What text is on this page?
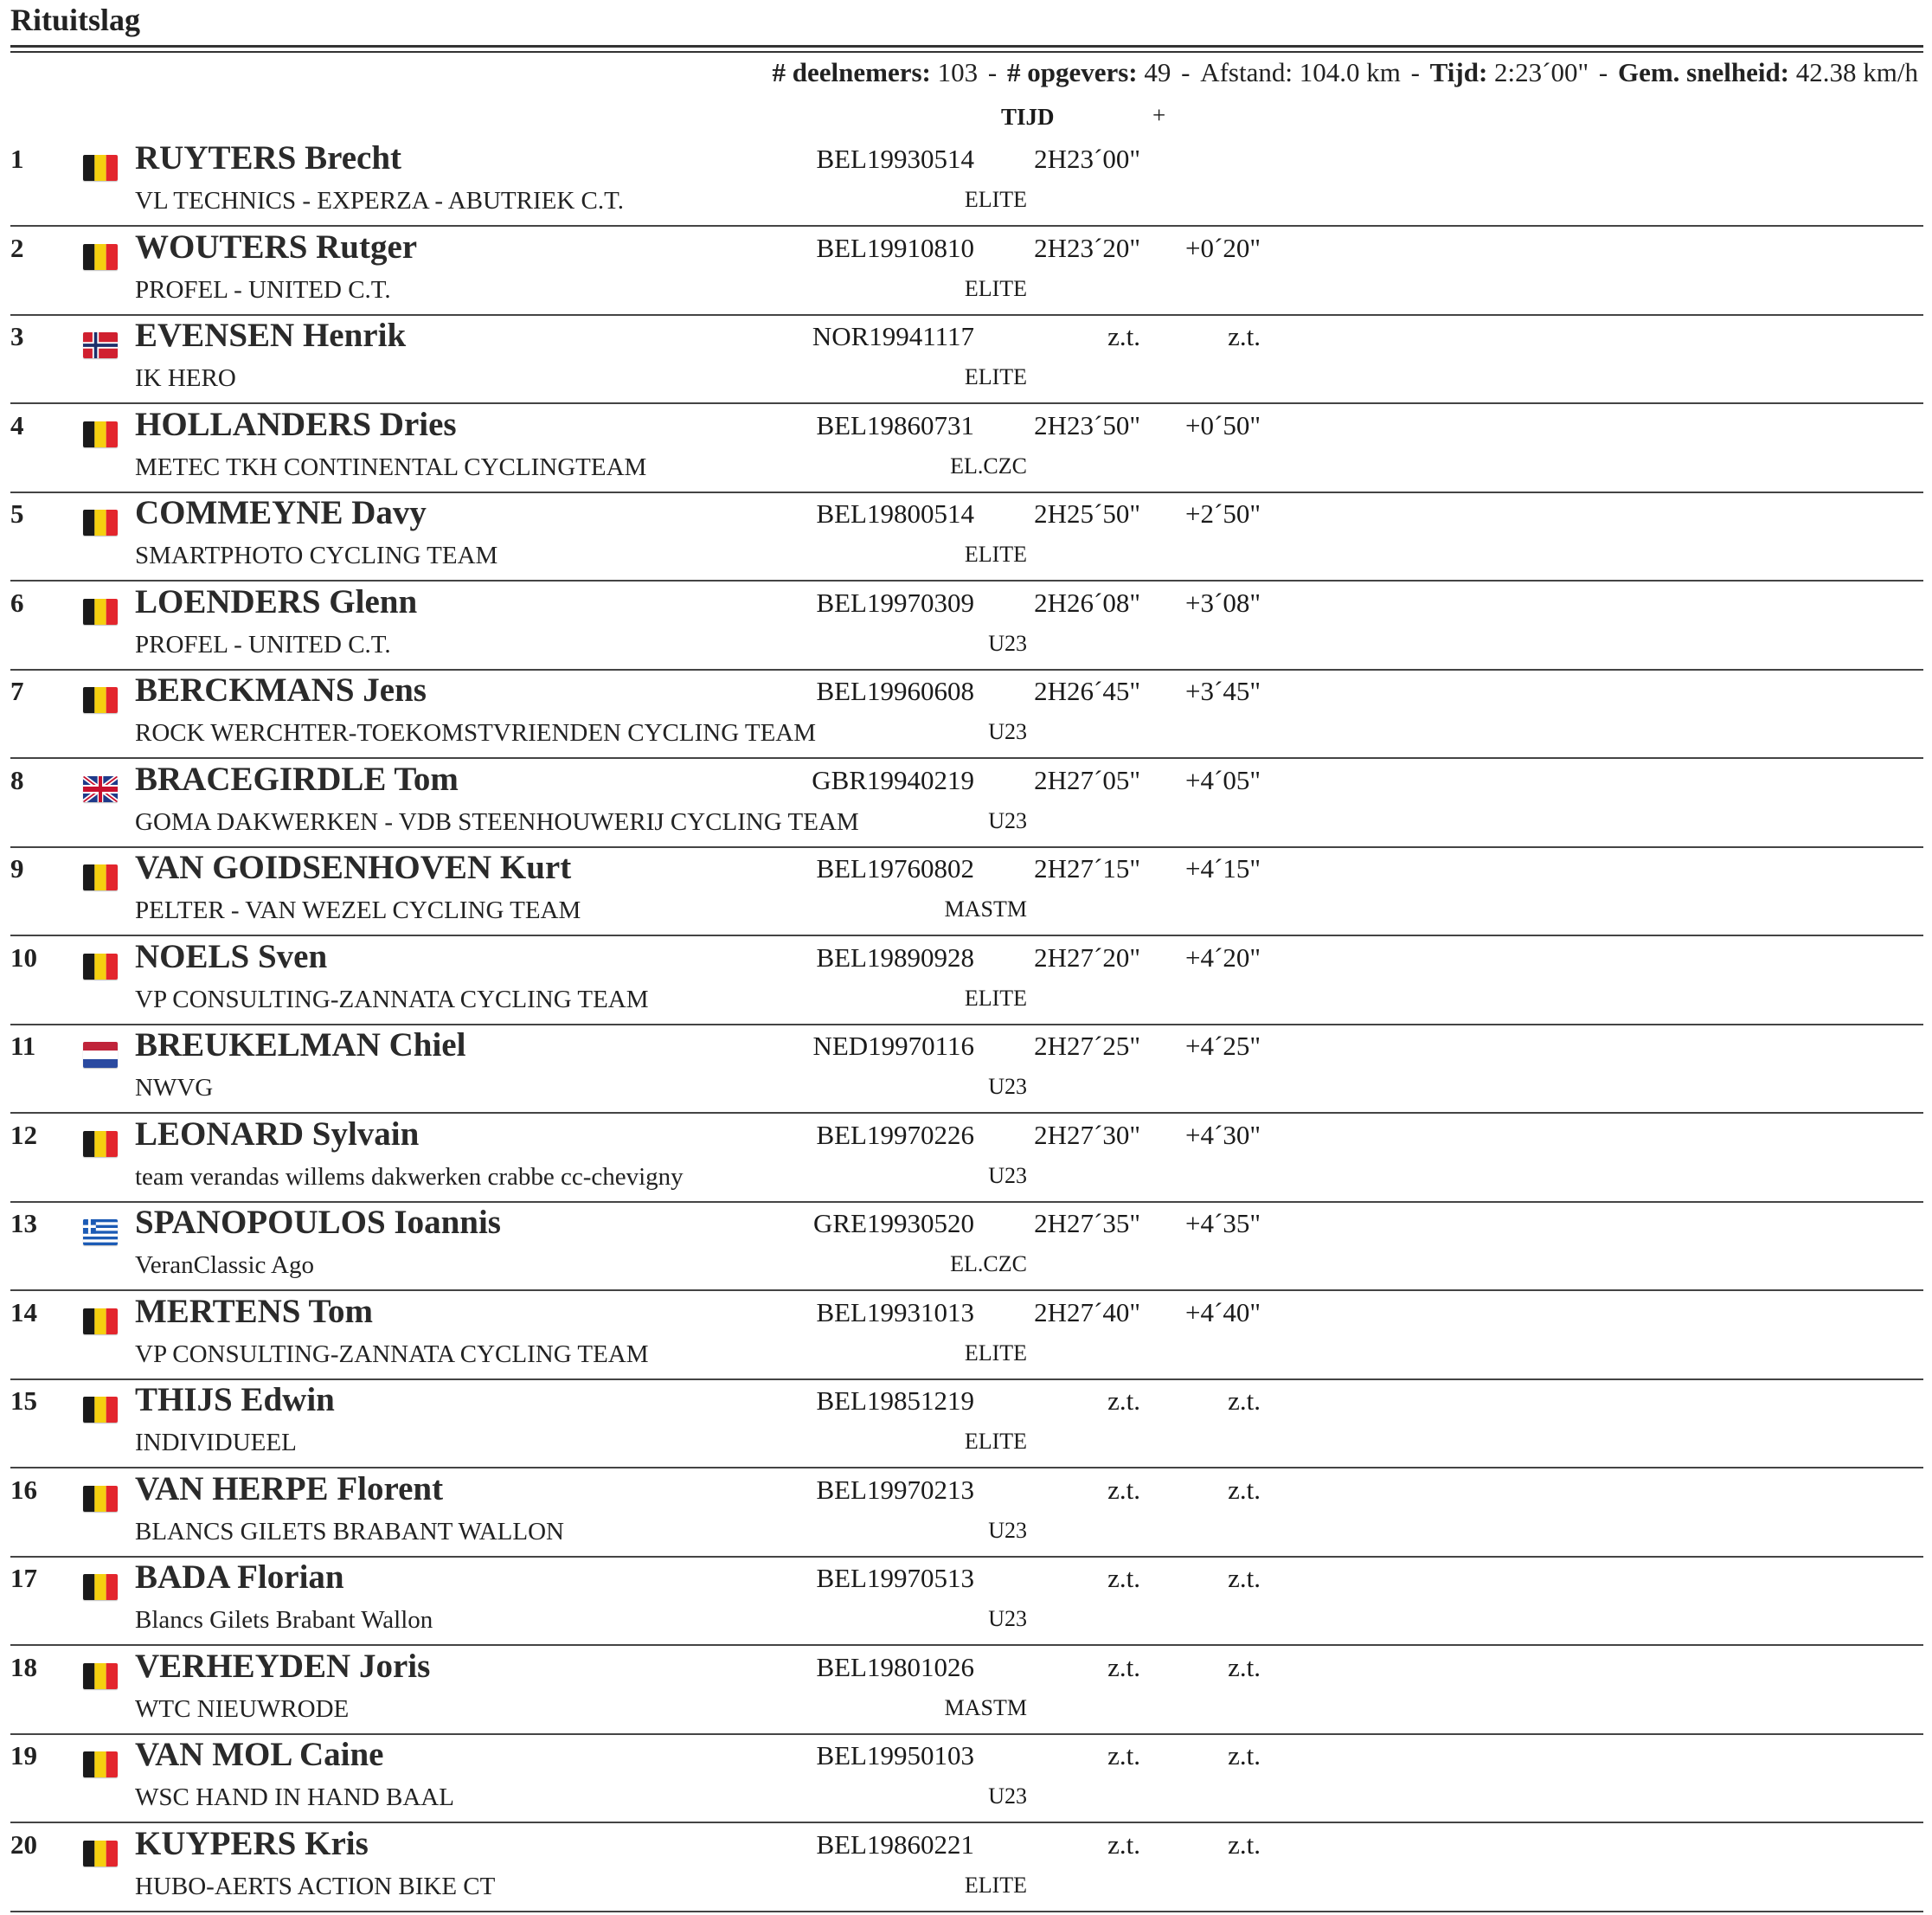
Rituitslag
# deelnemers: 103 - # opgevers: 49 - Afstand: 104.0 km - Tijd: 2:23´00" - Gem. snelheid: 42.38 km/h
TIJD	+
1	RUYTERS Brecht	BEL19930514 2H23´00"
VL TECHNICS - EXPERZA - ABUTRIEK C.T.	ELITE
2	WOUTERS Rutger	BEL19910810 2H23´20" +0´20"
PROFEL - UNITED C.T.	ELITE
3	EVENSEN Henrik	NOR19941117	z.t.	z.t.
IK HERO	ELITE
4	HOLLANDERS Dries	BEL19860731 2H23´50" +0´50"
METEC TKH CONTINENTAL CYCLINGTEAM	EL.CZC
5	COMMEYNE Davy	BEL19800514 2H25´50" +2´50"
SMARTPHOTO CYCLING TEAM	ELITE
6	LOENDERS Glenn	BEL19970309 2H26´08" +3´08"
PROFEL - UNITED C.T.	U23
7	BERCKMANS Jens	BEL19960608 2H26´45" +3´45"
ROCK WERCHTER-TOEKOMSTVRIENDEN CYCLING TEAM	U23
8	BRACEGIRDLE Tom	GBR19940219 2H27´05" +4´05"
GOMA DAKWERKEN - VDB STEENHOUWERIJ CYCLING TEAM	U23
9	VAN GOIDSENHOVEN Kurt	BEL19760802 2H27´15" +4´15"
PELTER - VAN WEZEL CYCLING TEAM	MASTM
10	NOELS Sven	BEL19890928 2H27´20" +4´20"
VP CONSULTING-ZANNATA CYCLING TEAM	ELITE
11	BREUKELMAN Chiel	NED19970116 2H27´25" +4´25"
NWVG	U23
12	LEONARD Sylvain	BEL19970226 2H27´30" +4´30"
team verandas willems dakwerken crabbe cc-chevigny	U23
13	SPANOPOULOS Ioannis	GRE19930520 2H27´35" +4´35"
VeranClassic Ago	EL.CZC
14	MERTENS Tom	BEL19931013 2H27´40" +4´40"
VP CONSULTING-ZANNATA CYCLING TEAM	ELITE
15	THIJS Edwin	BEL19851219	z.t.	z.t.
INDIVIDUEEL	ELITE
16	VAN HERPE Florent	BEL19970213	z.t.	z.t.
BLANCS GILETS BRABANT WALLON	U23
17	BADA Florian	BEL19970513	z.t.	z.t.
Blancs Gilets Brabant Wallon	U23
18	VERHEYDEN Joris	BEL19801026	z.t.	z.t.
WTC NIEUWRODE	MASTM
19	VAN MOL Caine	BEL19950103	z.t.	z.t.
WSC HAND IN HAND BAAL	U23
20	KUYPERS Kris	BEL19860221	z.t.	z.t.
HUBO-AERTS ACTION BIKE CT	ELITE
